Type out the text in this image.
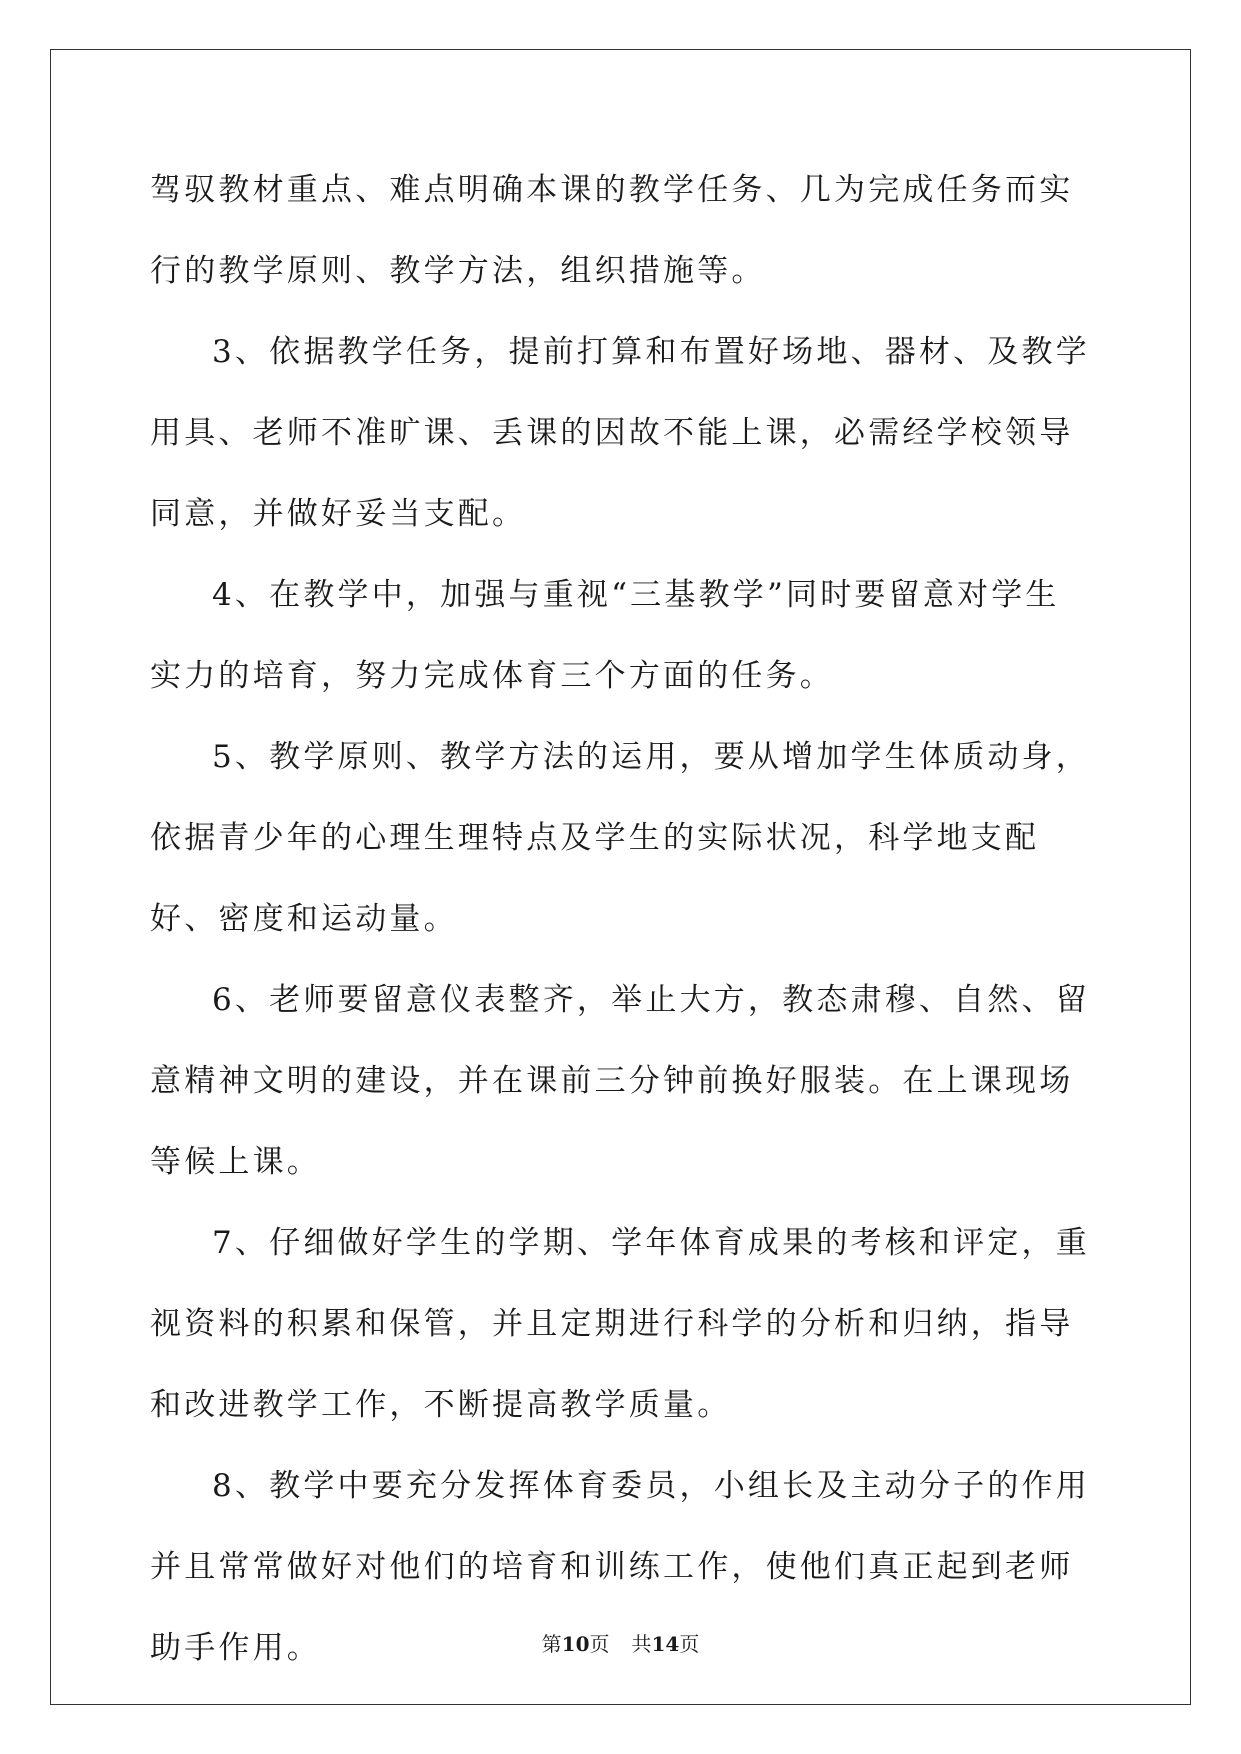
驾驭教材重点、难点明确本课的教学任务、几为完成任务而实行的教学原则、教学方法，组织措施等。

3、依据教学任务，提前打算和布置好场地、器材、及教学用具、老师不准旷课、丢课的因故不能上课，必需经学校领导同意，并做好妥当支配。

4、在教学中，加强与重视“三基教学”同时要留意对学生实力的培育，努力完成体育三个方面的任务。

5、教学原则、教学方法的运用，要从增加学生体质动身，依据青少年的心理生理特点及学生的实际状况，科学地支配好、密度和运动量。

6、老师要留意仪表整齐，举止大方，教态肃穆、自然、留意精神文明的建设，并在课前三分钟前换好服装。在上课现场等候上课。

7、仔细做好学生的学期、学年体育成果的考核和评定，重视资料的积累和保管，并且定期进行科学的分析和归纳，指导和改进教学工作，不断提高教学质量。

8、教学中要充分发挥体育委员，小组长及主动分子的作用并且常常做好对他们的培育和训练工作，使他们真正起到老师助手作用。	第10页 共14页
